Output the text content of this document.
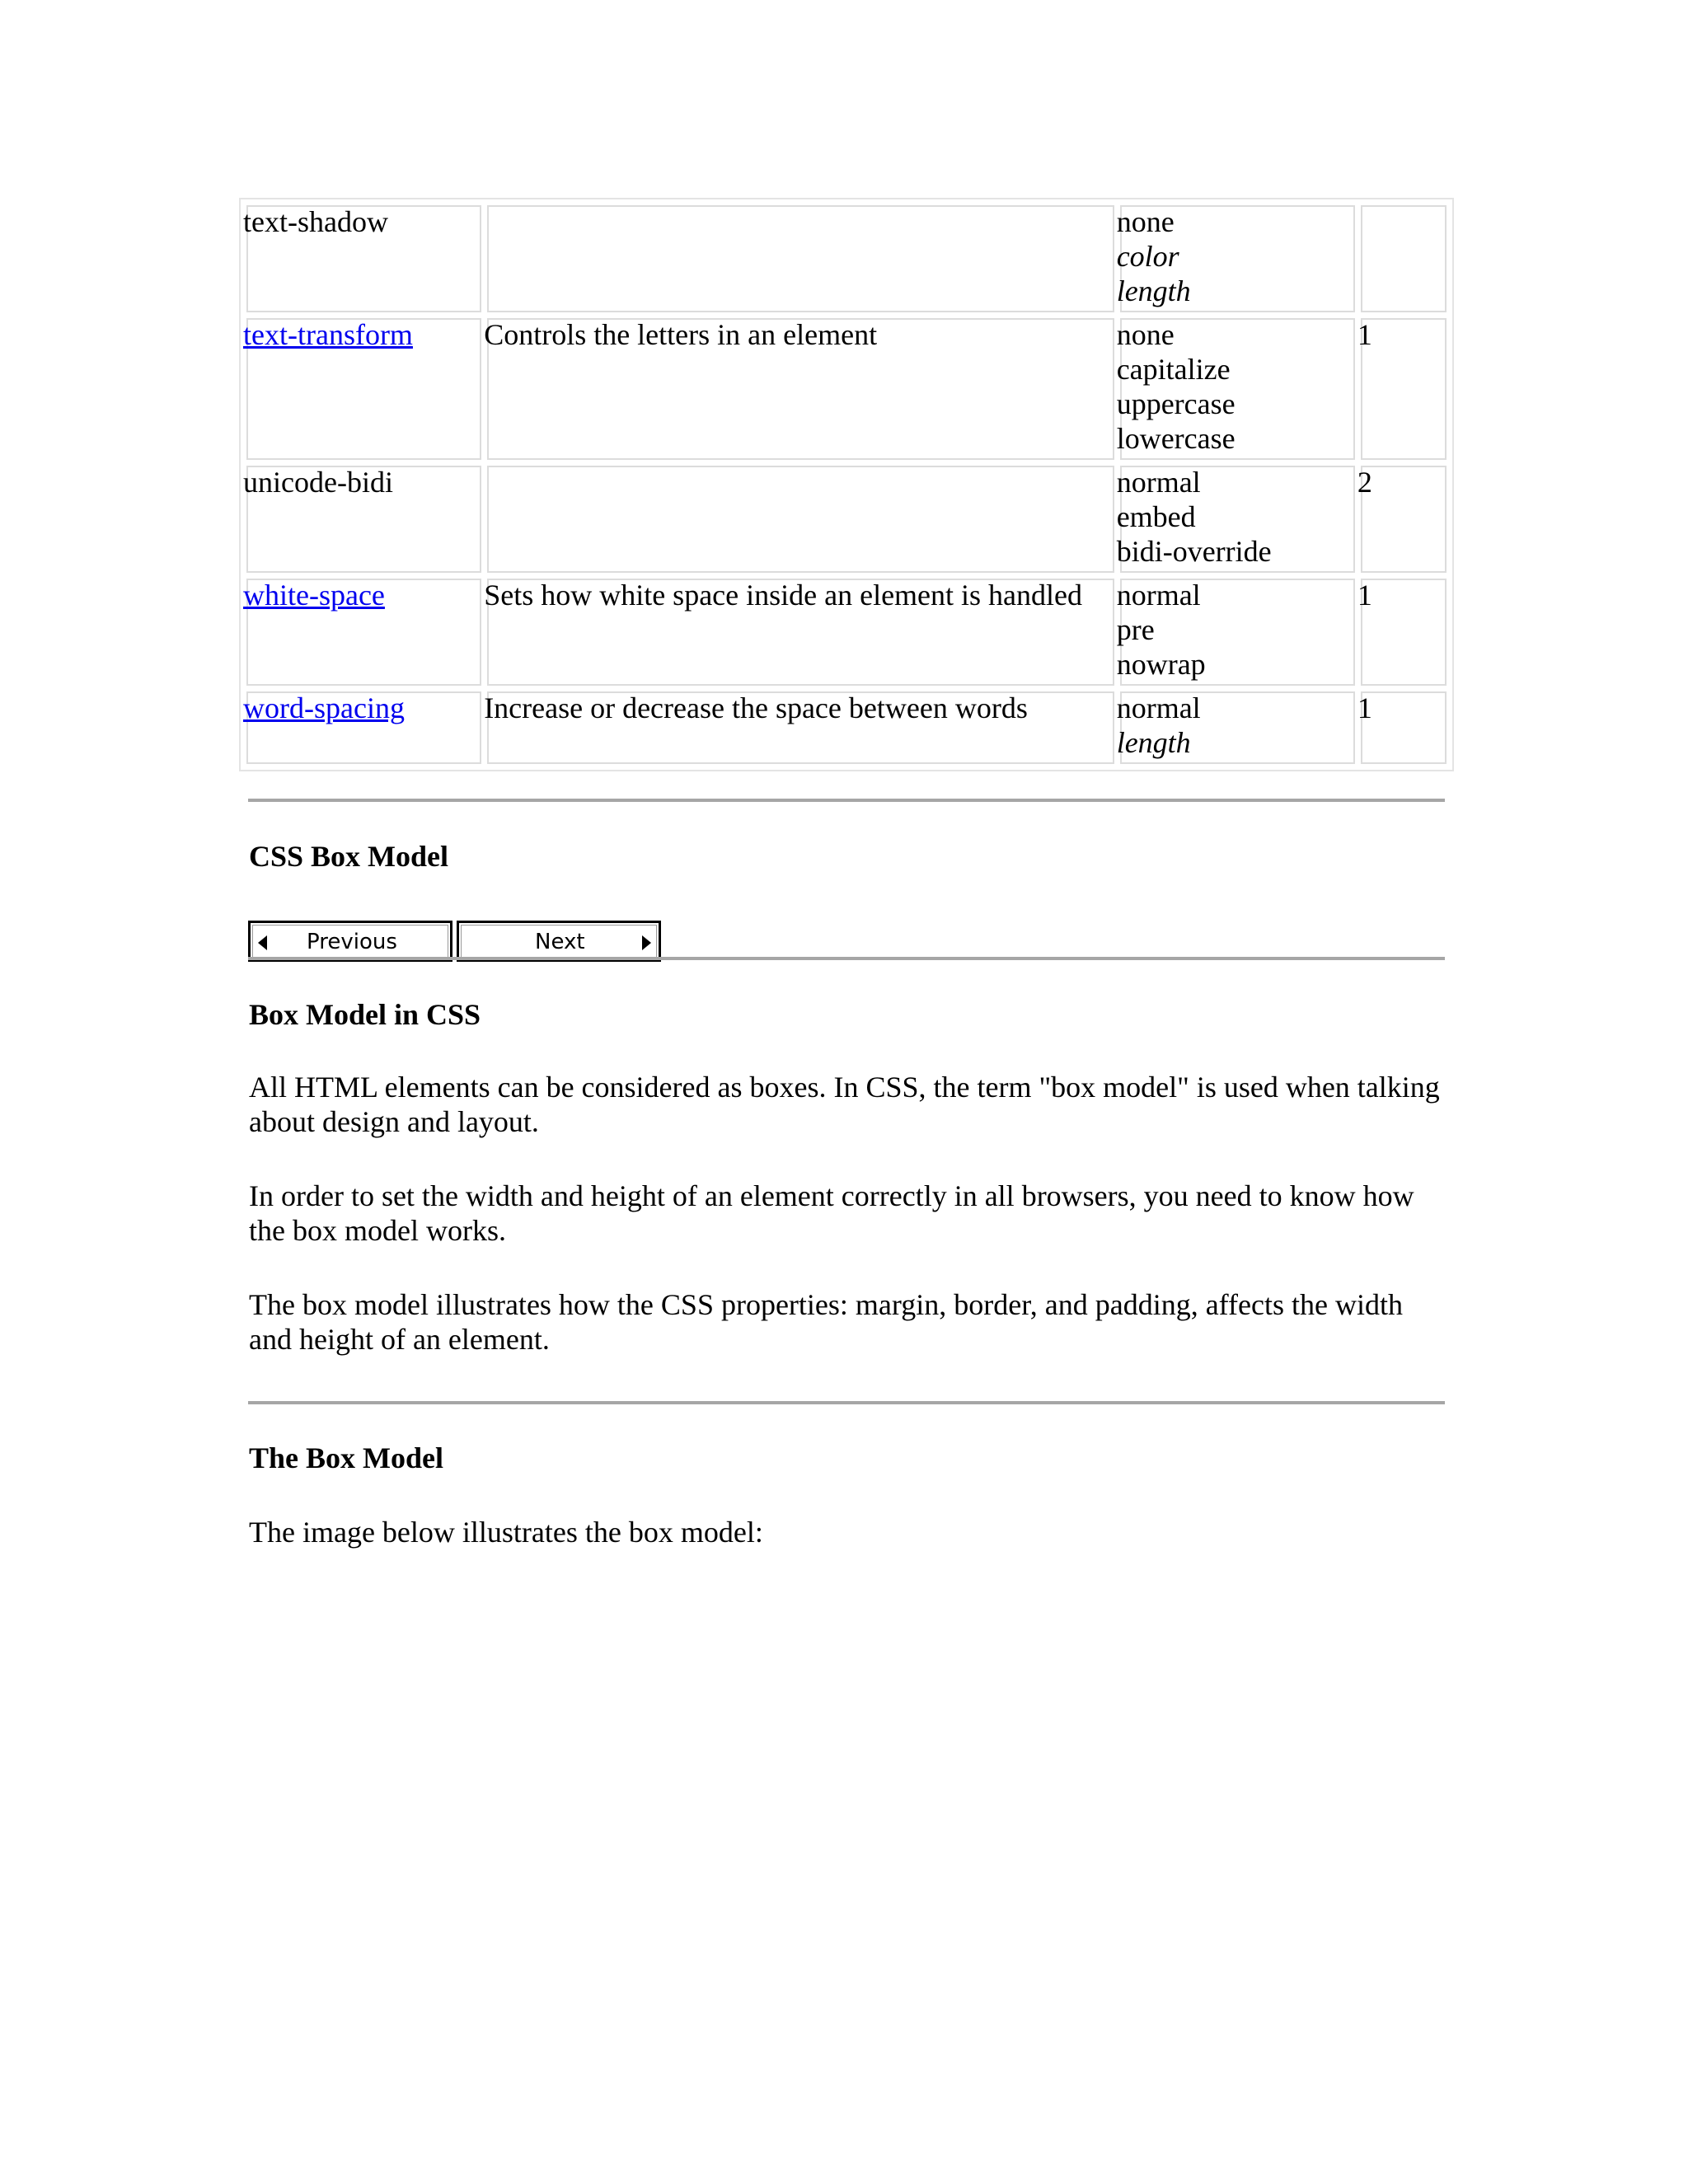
text-shadow		none
color
length	

text-transform	Controls the letters in an element	none
capitalize
uppercase
lowercase	1

unicode-bidi		normal
embed
bidi-override	2

white-space	Sets how white space inside an element is handled	normal
pre
nowrap	1

word-spacing	Increase or decrease the space between words	normal
length	1
CSS Box Model
Previous	Next
Box Model in CSS

All HTML elements can be considered as boxes. In CSS, the term "box model" is used when talking about design and layout.

In order to set the width and height of an element correctly in all browsers, you need to know how the box model works.

The box model illustrates how the CSS properties: margin, border, and padding, affects the width and height of an element.

The Box Model

The image below illustrates the box model:
